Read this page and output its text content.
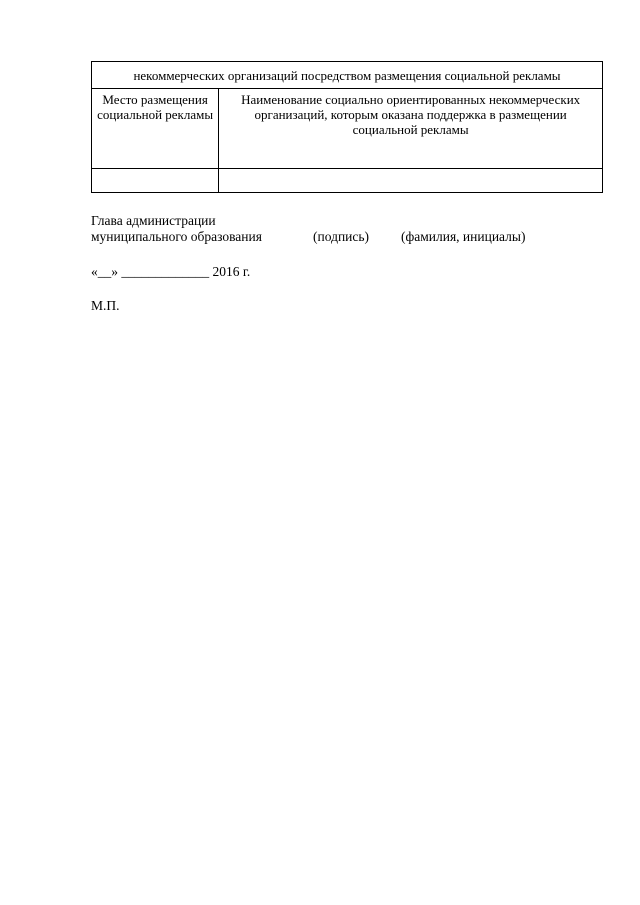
некоммерческих организаций посредством размещения социальной рекламы	
Место размещения социальной рекламы	Наименование социально ориентированных некоммерческих организаций, которым оказана поддержка в размещении социальной рекламы

Глава администрации
муниципального образования	(подпись) (фамилия, инициалы)
«__» _____________ 2016 г.
М.П.
